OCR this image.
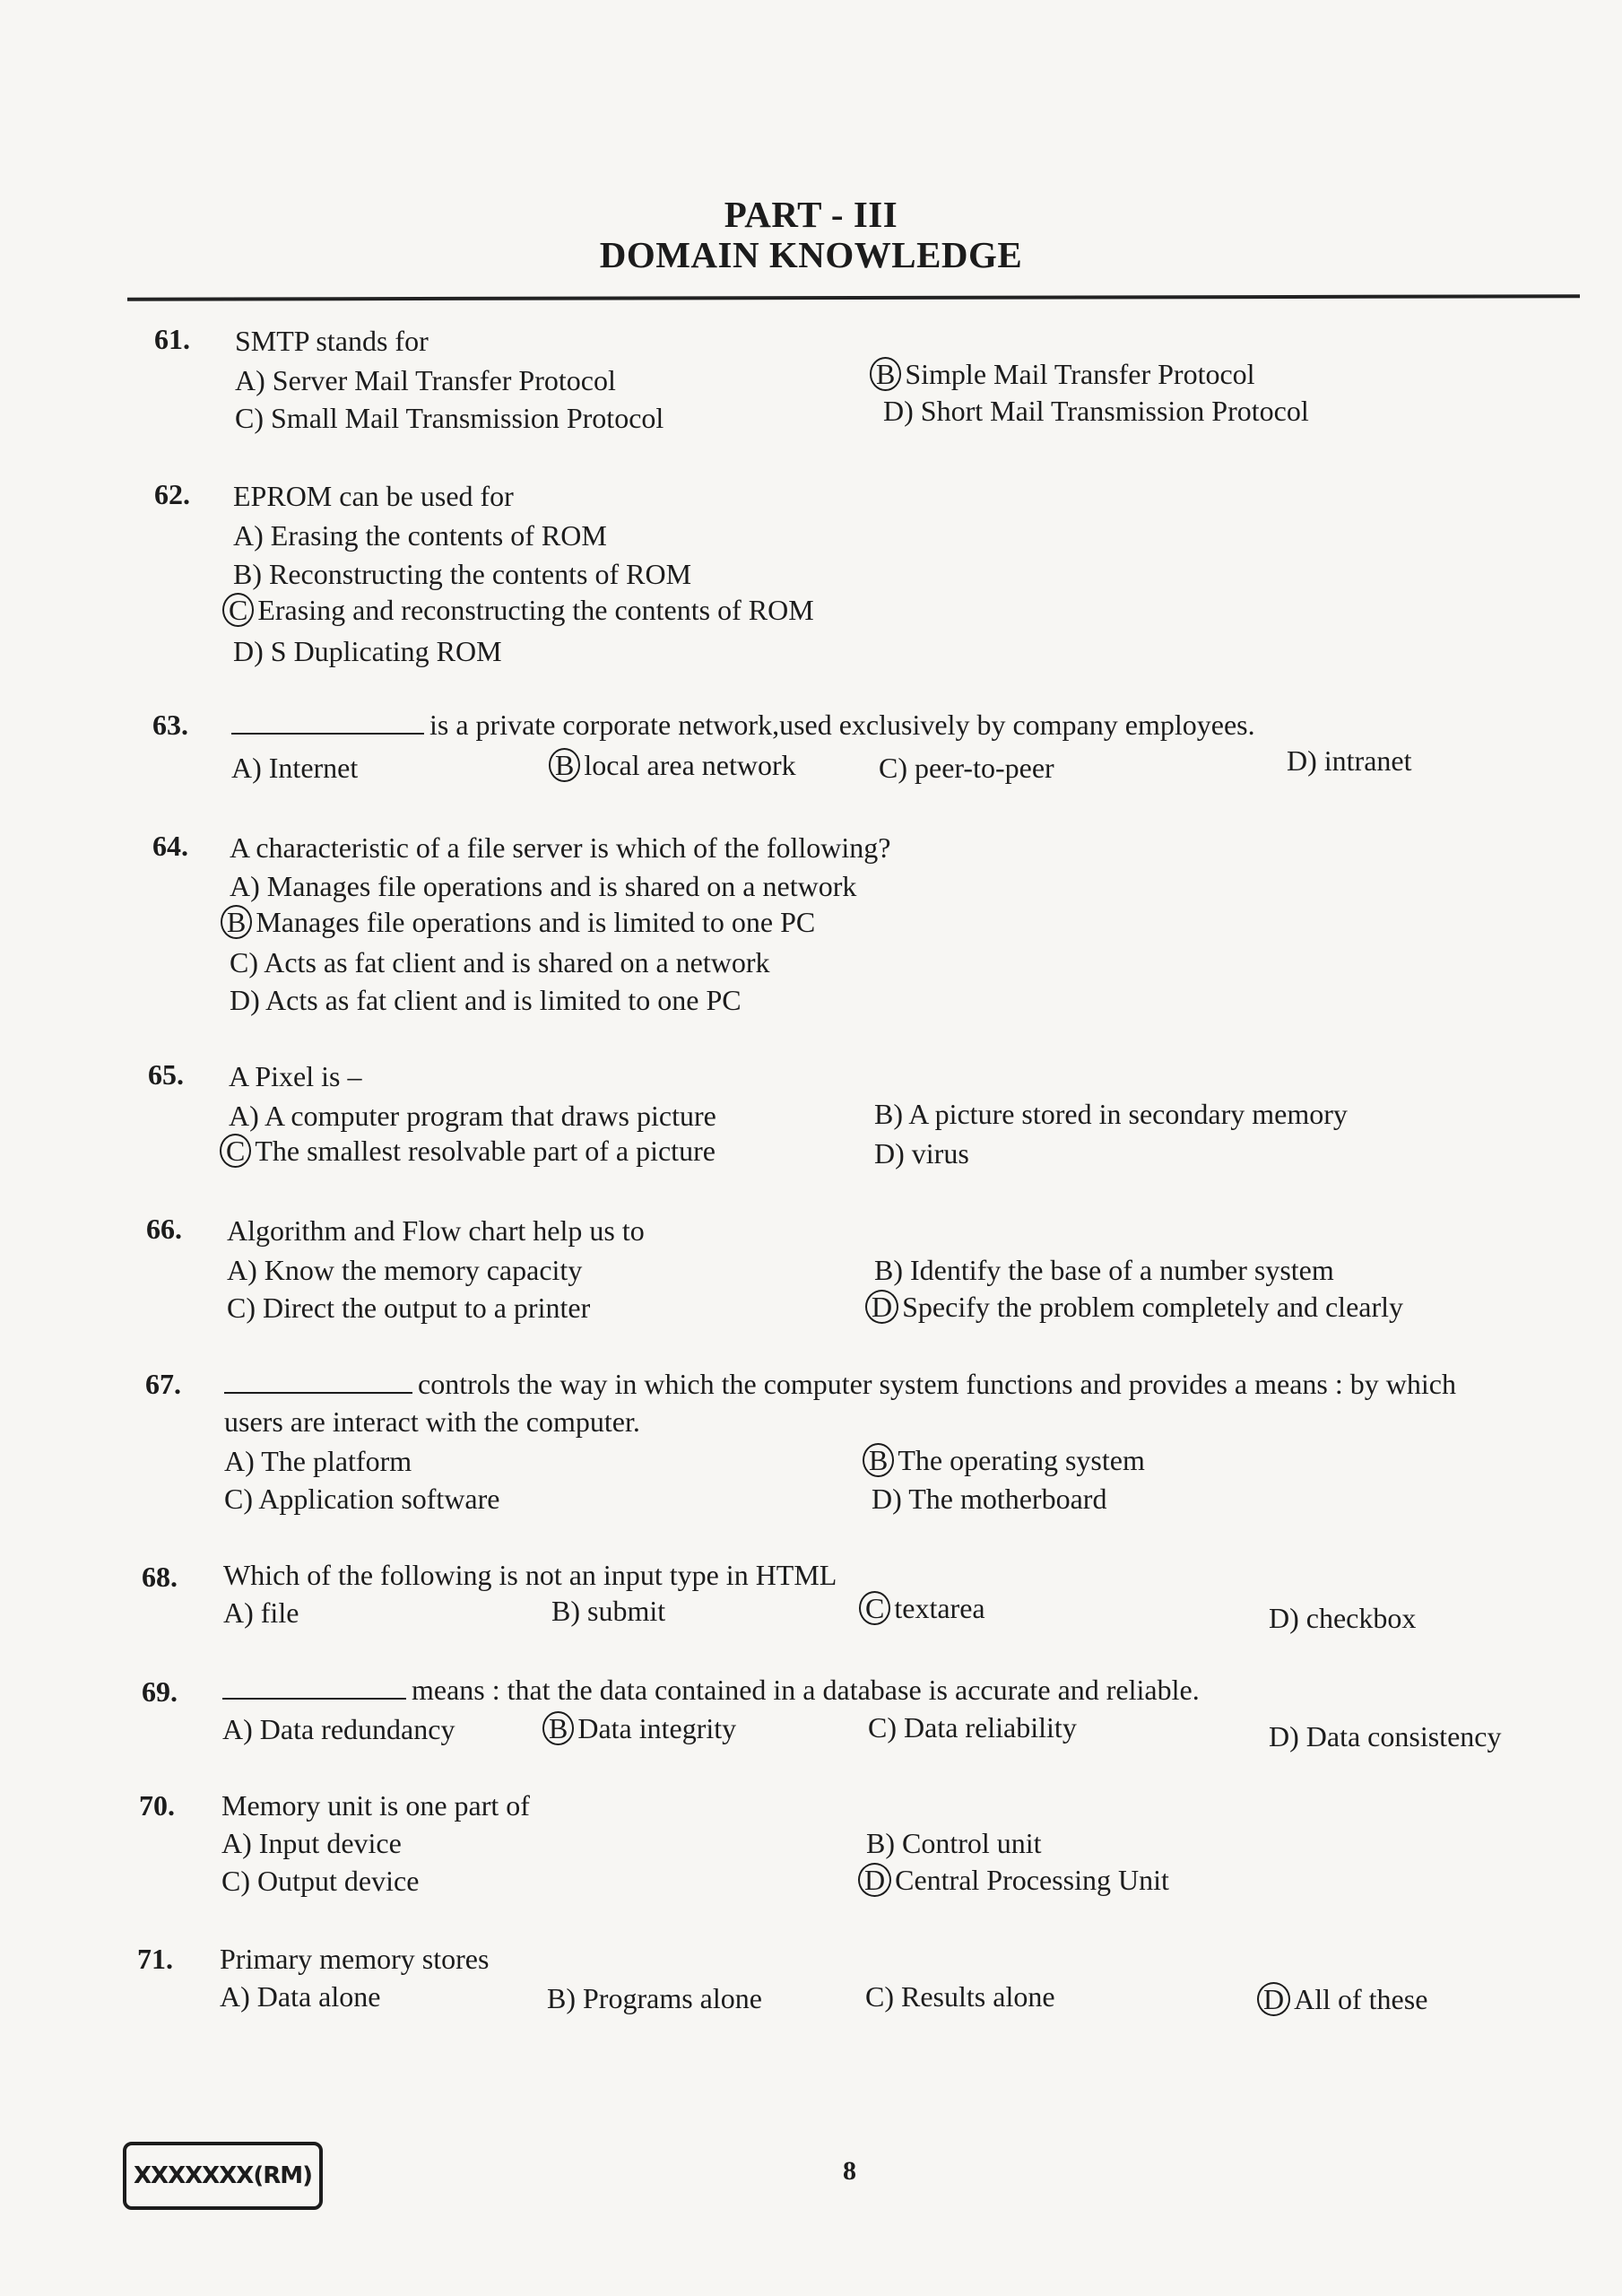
PART - III
DOMAIN KNOWLEDGE
61. SMTP stands for
A) Server Mail Transfer Protocol	B Simple Mail Transfer Protocol
C) Small Mail Transmission Protocol	D) Short Mail Transmission Protocol
62. EPROM can be used for
A) Erasing the contents of ROM
B) Reconstructing the contents of ROM
C Erasing and reconstructing the contents of ROM
D) S Duplicating ROM
63.	is a private corporate network,used exclusively by company employees.
A) Internet	B local area network	C) peer-to-peer	D) intranet
64. A characteristic of a file server is which of the following?
A) Manages file operations and is shared on a network
B Manages file operations and is limited to one PC
C) Acts as fat client and is shared on a network
D) Acts as fat client and is limited to one PC
65. A Pixel is –
A) A computer program that draws picture	B) A picture stored in secondary memory
C The smallest resolvable part of a picture	D) virus
66. Algorithm and Flow chart help us to
A) Know the memory capacity	B) Identify the base of a number system
C) Direct the output to a printer	D Specify the problem completely and clearly
67.	controls the way in which the computer system functions and provides a means : by which
users are interact with the computer.
A) The platform	B The operating system
C) Application software	D) The motherboard
68. Which of the following is not an input type in HTML
A) file	B) submit	C textarea	D) checkbox
69.	means : that the data contained in a database is accurate and reliable.
A) Data redundancy	B Data integrity	C) Data reliability	D) Data consistency
70. Memory unit is one part of
A) Input device	B) Control unit
C) Output device	D Central Processing Unit
71. Primary memory stores
A) Data alone	B) Programs alone	C) Results alone	D All of these
XXXXXXX(RM)	8
